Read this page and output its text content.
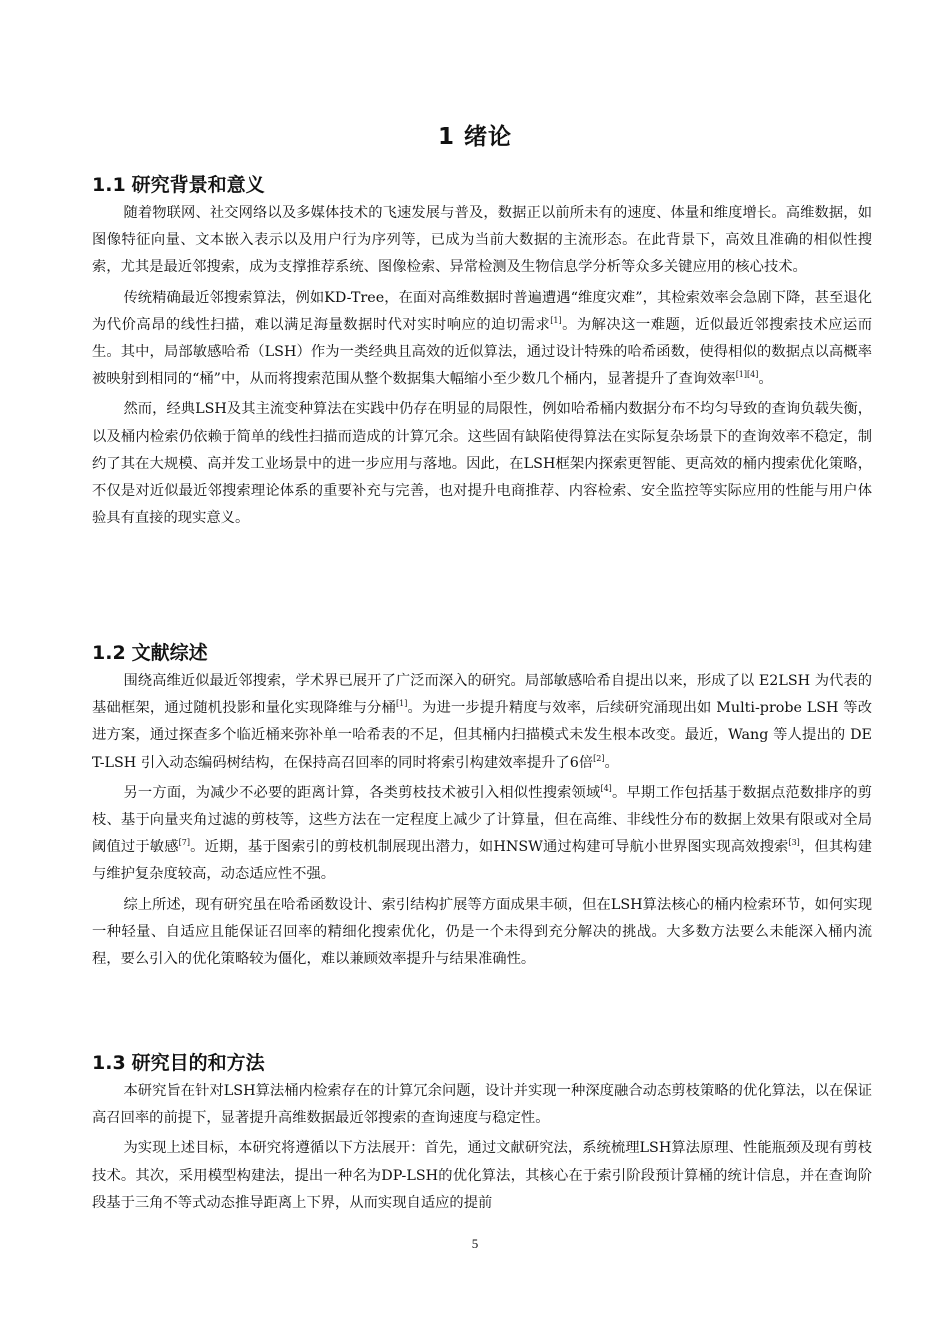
1 绪论
1.1 研究背景和意义

随着物联网、社交网络以及多媒体技术的飞速发展与普及，数据正以前所未有的速度、体量和维度增长。高维数据，如图像特征向量、文本嵌入表示以及用户行为序列等，已成为当前大数据的主流形态。在此背景下，高效且准确的相似性搜索，尤其是最近邻搜索，成为支撑推荐系统、图像检索、异常检测及生物信息学分析等众多关键应用的核心技术。

传统精确最近邻搜索算法，例如KD-Tree，在面对高维数据时普遍遭遇“维度灾难”，其检索效率会急剧下降，甚至退化为代价高昂的线性扫描，难以满足海量数据时代对实时响应的迫切需求[1]。为解决这一难题，近似最近邻搜索技术应运而生。其中，局部敏感哈希（LSH）作为一类经典且高效的近似算法，通过设计特殊的哈希函数，使得相似的数据点以高概率被映射到相同的“桶”中，从而将搜索范围从整个数据集大幅缩小至少数几个桶内，显著提升了查询效率[1][4]。

然而，经典LSH及其主流变种算法在实践中仍存在明显的局限性，例如哈希桶内数据分布不均匀导致的查询负载失衡，以及桶内检索仍依赖于简单的线性扫描而造成的计算冗余。这些固有缺陷使得算法在实际复杂场景下的查询效率不稳定，制约了其在大规模、高并发工业场景中的进一步应用与落地。因此，在LSH框架内探索更智能、更高效的桶内搜索优化策略，不仅是对近似最近邻搜索理论体系的重要补充与完善，也对提升电商推荐、内容检索、安全监控等实际应用的性能与用户体验具有直接的现实意义。

1.2 文献综述

围绕高维近似最近邻搜索，学术界已展开了广泛而深入的研究。局部敏感哈希自提出以来，形成了以 E2LSH 为代表的基础框架，通过随机投影和量化实现降维与分桶[1]。为进一步提升精度与效率，后续研究涌现出如 Multi-probe LSH 等改进方案，通过探查多个临近桶来弥补单一哈希表的不足，但其桶内扫描模式未发生根本改变。最近，Wang 等人提出的 DET-LSH 引入动态编码树结构，在保持高召回率的同时将索引构建效率提升了6倍[2]。

另一方面，为减少不必要的距离计算，各类剪枝技术被引入相似性搜索领域[4]。早期工作包括基于数据点范数排序的剪枝、基于向量夹角过滤的剪枝等，这些方法在一定程度上减少了计算量，但在高维、非线性分布的数据上效果有限或对全局阈值过于敏感[7]。近期，基于图索引的剪枝机制展现出潜力，如HNSW通过构建可导航小世界图实现高效搜索[3]，但其构建与维护复杂度较高，动态适应性不强。

综上所述，现有研究虽在哈希函数设计、索引结构扩展等方面成果丰硕，但在LSH算法核心的桶内检索环节，如何实现一种轻量、自适应且能保证召回率的精细化搜索优化，仍是一个未得到充分解决的挑战。大多数方法要么未能深入桶内流程，要么引入的优化策略较为僵化，难以兼顾效率提升与结果准确性。

1.3 研究目的和方法

本研究旨在针对LSH算法桶内检索存在的计算冗余问题，设计并实现一种深度融合动态剪枝策略的优化算法，以在保证高召回率的前提下，显著提升高维数据最近邻搜索的查询速度与稳定性。

为实现上述目标，本研究将遵循以下方法展开：首先，通过文献研究法，系统梳理LSH算法原理、性能瓶颈及现有剪枝技术。其次，采用模型构建法，提出一种名为DP-LSH的优化算法，其核心在于索引阶段预计算桶的统计信息，并在查询阶段基于三角不等式动态推导距离上下界，从而实现自适应的提前

5
